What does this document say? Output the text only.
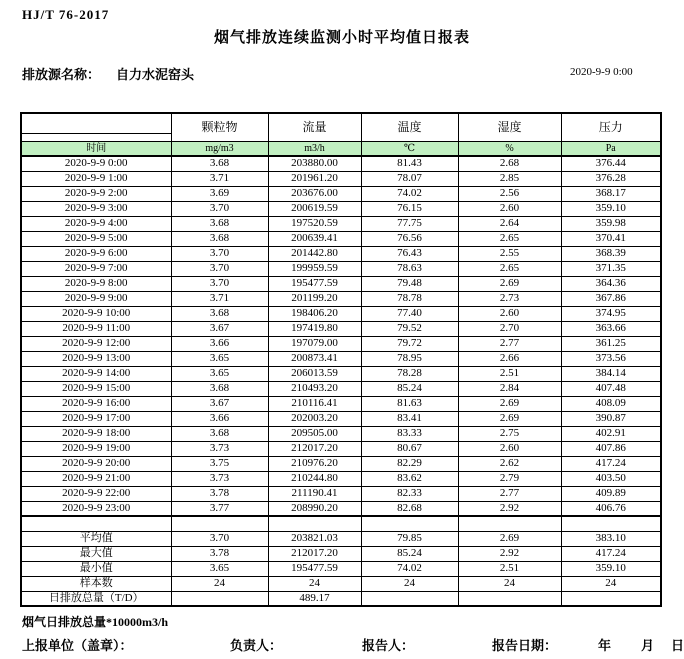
HJ/T 76-2017
烟气排放连续监测小时平均值日报表
排放源名称： 自力水泥窑头	2020-9-9 0:00
	颗粒物	流量	温度	湿度	压力
时间	mg/m3	m3/h	℃	%	Pa
2020-9-9 0:00	3.68	203880.00	81.43	2.68	376.44
2020-9-9 1:00	3.71	201961.20	78.07	2.85	376.28
2020-9-9 2:00	3.69	203676.00	74.02	2.56	368.17
2020-9-9 3:00	3.70	200619.59	76.15	2.60	359.10
2020-9-9 4:00	3.68	197520.59	77.75	2.64	359.98
2020-9-9 5:00	3.68	200639.41	76.56	2.65	370.41
2020-9-9 6:00	3.70	201442.80	76.43	2.55	368.39
2020-9-9 7:00	3.70	199959.59	78.63	2.65	371.35
2020-9-9 8:00	3.70	195477.59	79.48	2.69	364.36
2020-9-9 9:00	3.71	201199.20	78.78	2.73	367.86
2020-9-9 10:00	3.68	198406.20	77.40	2.60	374.95
2020-9-9 11:00	3.67	197419.80	79.52	2.70	363.66
2020-9-9 12:00	3.66	197079.00	79.72	2.77	361.25
2020-9-9 13:00	3.65	200873.41	78.95	2.66	373.56
2020-9-9 14:00	3.65	206013.59	78.28	2.51	384.14
2020-9-9 15:00	3.68	210493.20	85.24	2.84	407.48
2020-9-9 16:00	3.67	210116.41	81.63	2.69	408.09
2020-9-9 17:00	3.66	202003.20	83.41	2.69	390.87
2020-9-9 18:00	3.68	209505.00	83.33	2.75	402.91
2020-9-9 19:00	3.73	212017.20	80.67	2.60	407.86
2020-9-9 20:00	3.75	210976.20	82.29	2.62	417.24
2020-9-9 21:00	3.73	210244.80	83.62	2.79	403.50
2020-9-9 22:00	3.78	211190.41	82.33	2.77	409.89
2020-9-9 23:00	3.77	208990.20	82.68	2.92	406.76

平均值	3.70	203821.03	79.85	2.69	383.10
最大值	3.78	212017.20	85.24	2.92	417.24
最小值	3.65	195477.59	74.02	2.51	359.10
样本数	24	24	24	24	24
日排放总量（T/D）		489.17			
烟气日排放总量*10000m3/h
上报单位（盖章）：	负责人：	报告人：	报告日期：	年 月 日
